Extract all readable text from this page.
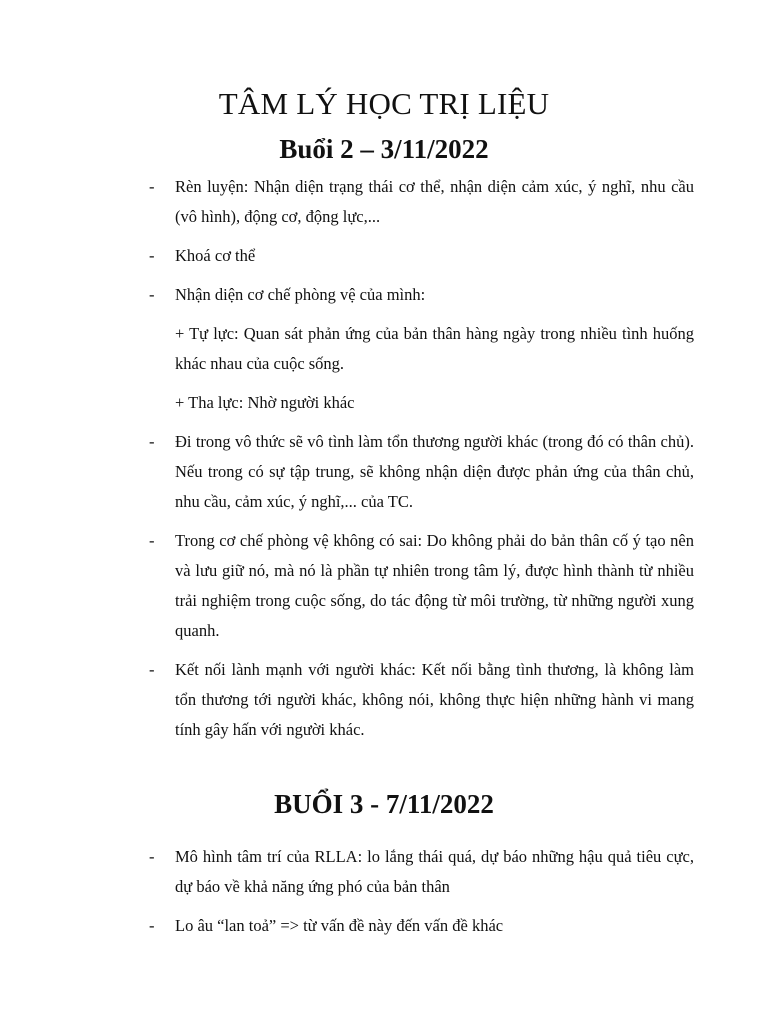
TÂM LÝ HỌC TRỊ LIỆU
Buổi 2 – 3/11/2022
- Rèn luyện: Nhận diện trạng thái cơ thể, nhận diện cảm xúc, ý nghĩ, nhu cầu (vô hình), động cơ, động lực,...
- Khoá cơ thể
- Nhận diện cơ chế phòng vệ của mình:
+ Tự lực: Quan sát phản ứng của bản thân hàng ngày trong nhiều tình huống khác nhau của cuộc sống.
+ Tha lực: Nhờ người khác
- Đi trong vô thức sẽ vô tình làm tổn thương người khác (trong đó có thân chủ). Nếu trong có sự tập trung, sẽ không nhận diện được phản ứng của thân chủ, nhu cầu, cảm xúc, ý nghĩ,... của TC.
- Trong cơ chế phòng vệ không có sai: Do không phải do bản thân cố ý tạo nên và lưu giữ nó, mà nó là phần tự nhiên trong tâm lý, được hình thành từ nhiều trải nghiệm trong cuộc sống, do tác động từ môi trường, từ những người xung quanh.
- Kết nối lành mạnh với người khác: Kết nối bằng tình thương, là không làm tổn thương tới người khác, không nói, không thực hiện những hành vi mang tính gây hấn với người khác.
BUỔI 3 - 7/11/2022
- Mô hình tâm trí của RLLA: lo lắng thái quá, dự báo những hậu quả tiêu cực, dự báo về khả năng ứng phó của bản thân
- Lo âu “lan toả” => từ vấn đề này đến vấn đề khác
